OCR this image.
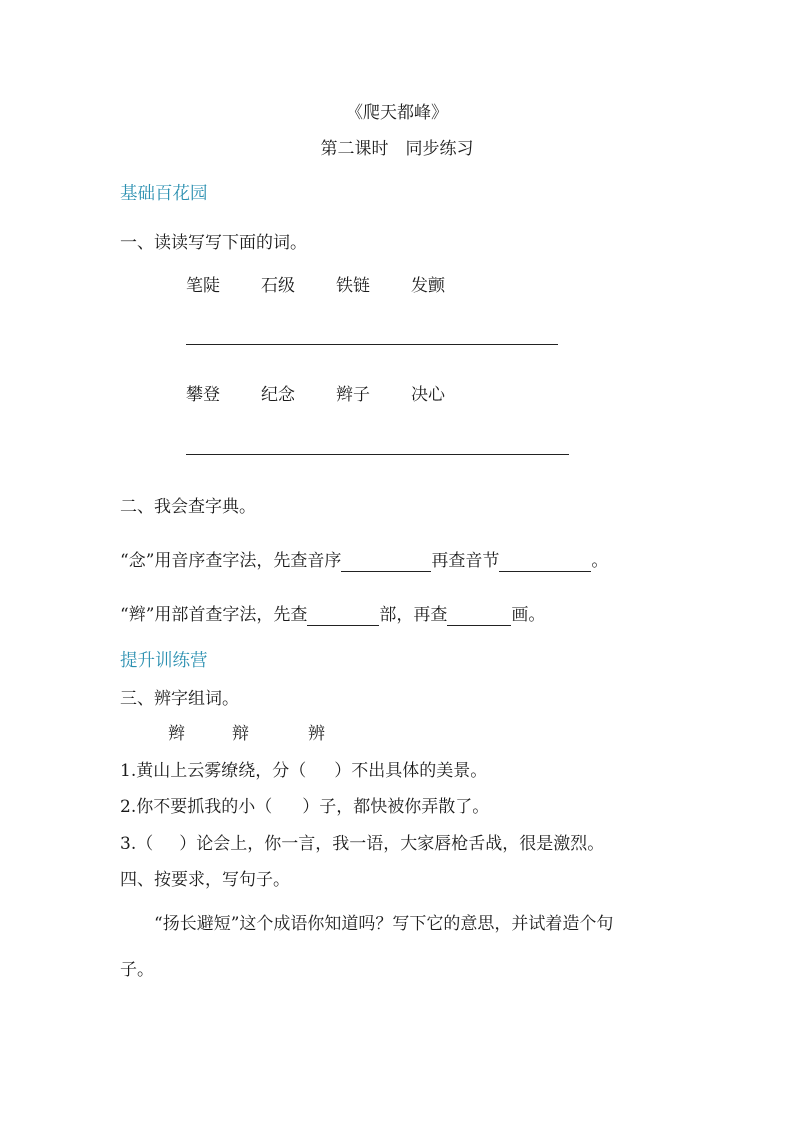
《爬天都峰》
第二课时　同步练习
基础百花园
一、读读写写下面的词。
笔陡 石级 铁链 发颤
攀登 纪念 辫子 决心
二、我会查字典。
“念”用音序查字法，先查音序	再查音节	。
“辫”用部首查字法，先查	部，再查	画。
提升训练营
三、辨字组词。
辫	辩	辨
1.黄山上云雾缭绕，分（ ）不出具体的美景。
2.你不要抓我的小（ ）子，都快被你弄散了。
3.（ ）论会上，你一言，我一语，大家唇枪舌战，很是激烈。
四、按要求，写句子。
“扬长避短”这个成语你知道吗？写下它的意思，并试着造个句
子。
